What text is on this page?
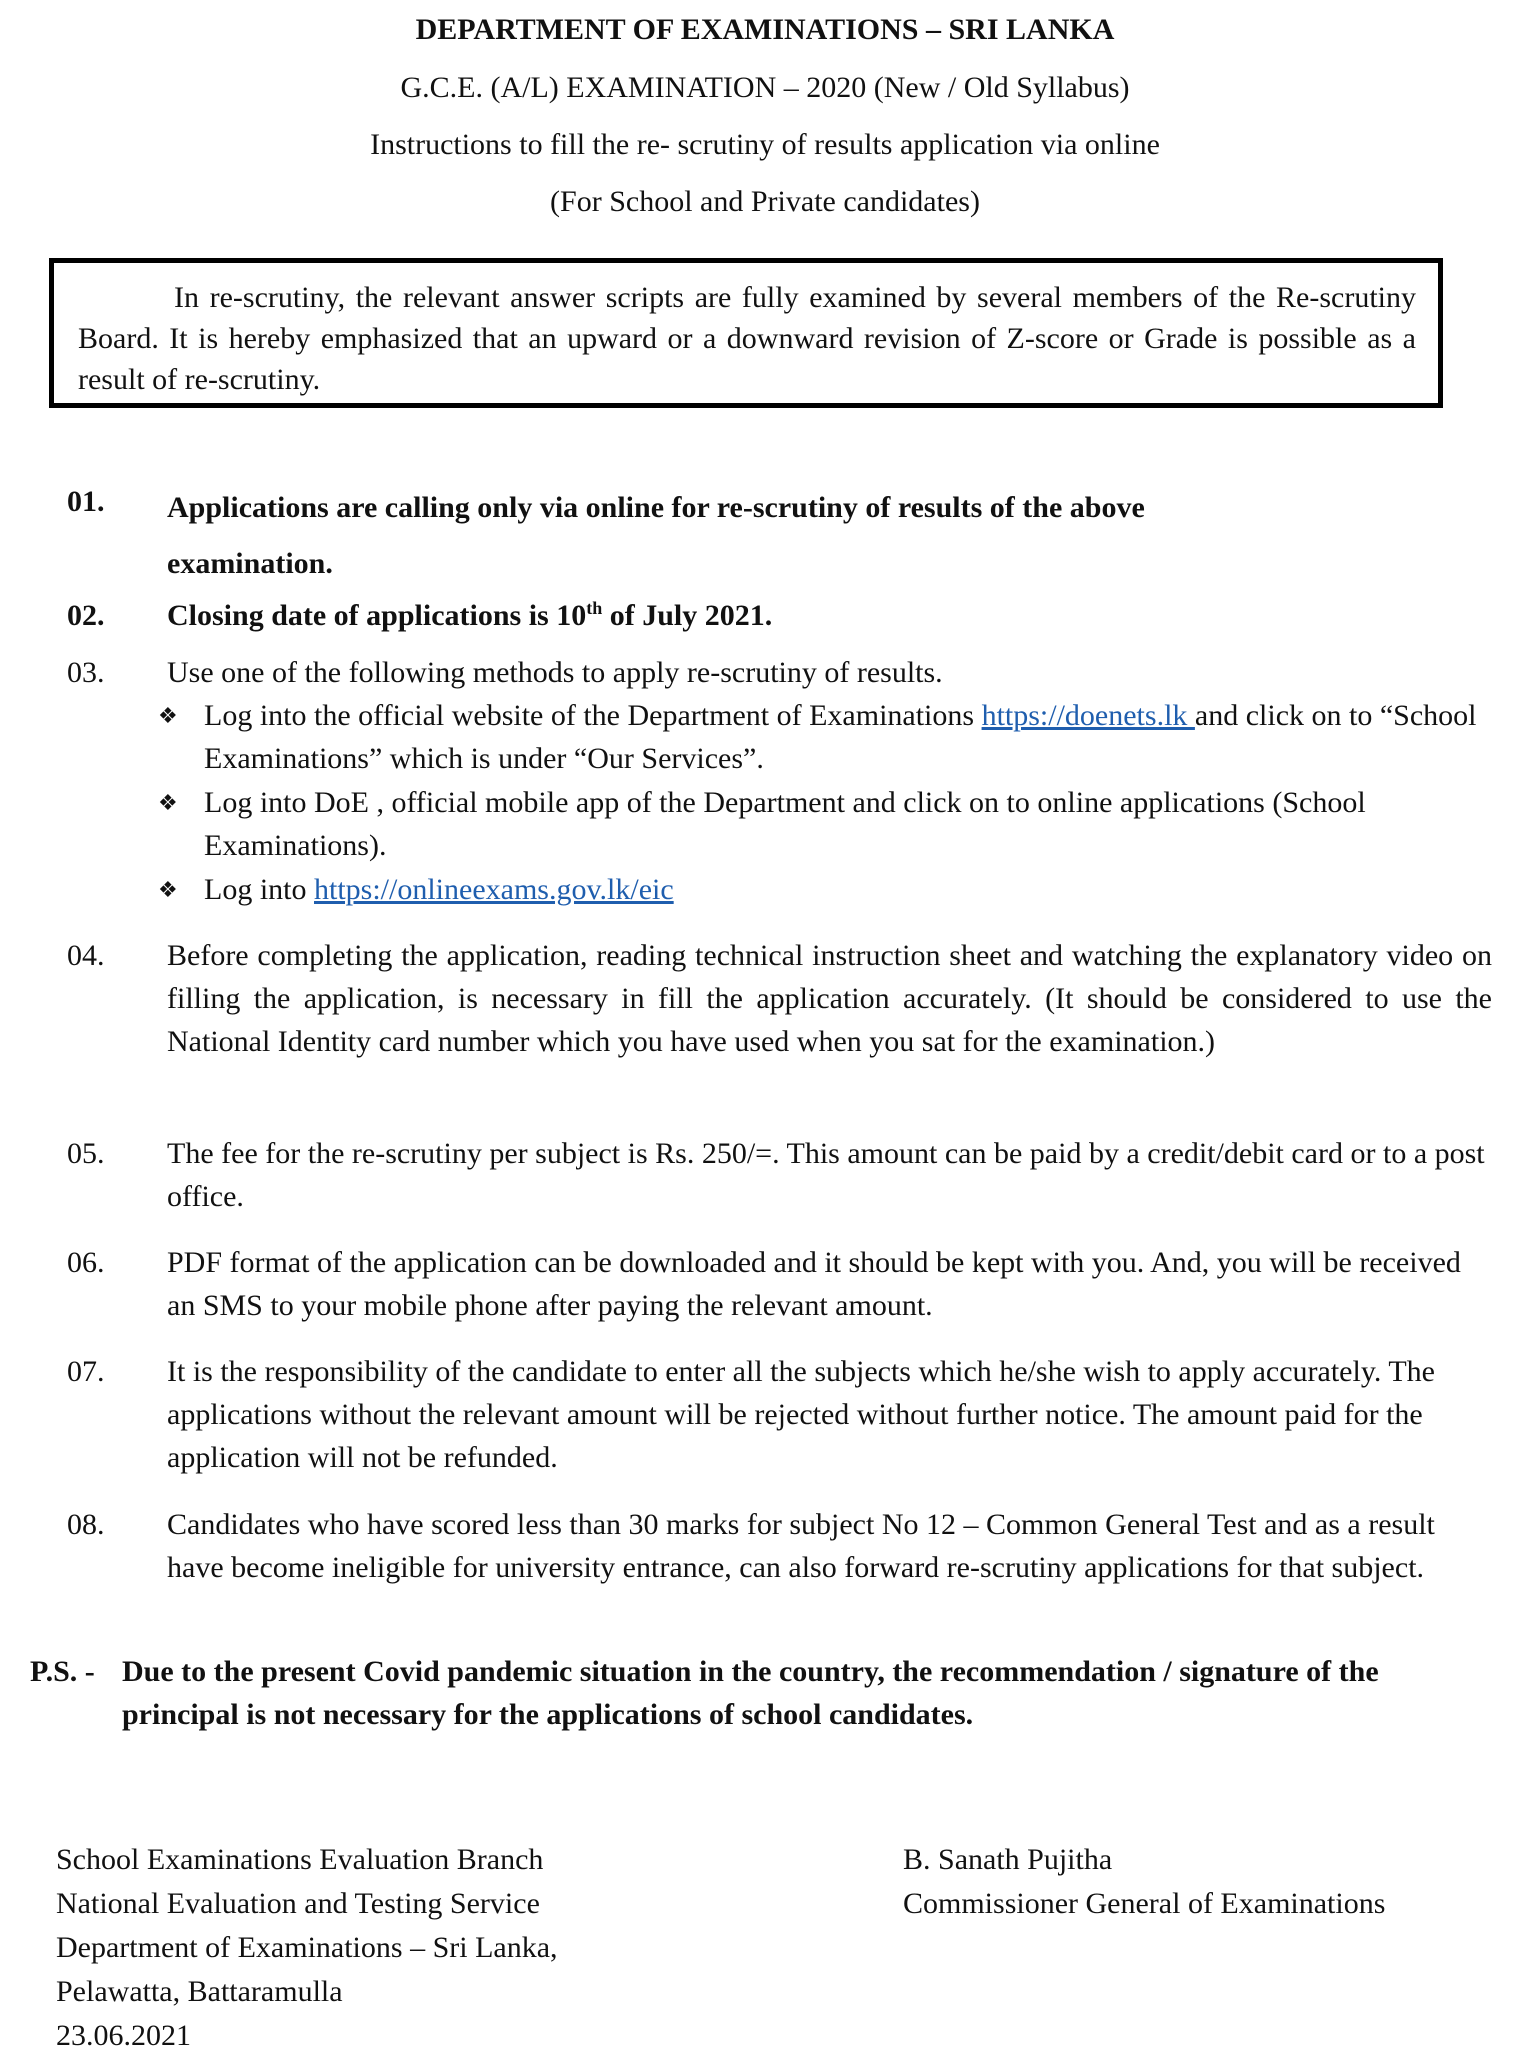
DEPARTMENT OF EXAMINATIONS – SRI LANKA
G.C.E. (A/L) EXAMINATION – 2020 (New / Old Syllabus)
Instructions to fill the re- scrutiny of results application via online
(For School and Private candidates)
In re-scrutiny, the relevant answer scripts are fully examined by several members of the Re-scrutiny Board. It is hereby emphasized that an upward or a downward revision of Z-score or Grade is possible as a result of re-scrutiny.
01. Applications are calling only via online for re-scrutiny of results of the above examination.
02. Closing date of applications is 10th of July 2021.
03. Use one of the following methods to apply re-scrutiny of results.
❖ Log into the official website of the Department of Examinations https://doenets.lk and click on to “School Examinations” which is under “Our Services”.
❖ Log into DoE , official mobile app of the Department and click on to online applications (School Examinations).
❖ Log into https://onlineexams.gov.lk/eic
04. Before completing the application, reading technical instruction sheet and watching the explanatory video on filling the application, is necessary in fill the application accurately. (It should be considered to use the National Identity card number which you have used when you sat for the examination.)
05. The fee for the re-scrutiny per subject is Rs. 250/=. This amount can be paid by a credit/debit card or to a post office.
06. PDF format of the application can be downloaded and it should be kept with you. And, you will be received an SMS to your mobile phone after paying the relevant amount.
07. It is the responsibility of the candidate to enter all the subjects which he/she wish to apply accurately. The applications without the relevant amount will be rejected without further notice. The amount paid for the application will not be refunded.
08. Candidates who have scored less than 30 marks for subject No 12 – Common General Test and as a result have become ineligible for university entrance, can also forward re-scrutiny applications for that subject.
P.S. - Due to the present Covid pandemic situation in the country, the recommendation / signature of the principal is not necessary for the applications of school candidates.
School Examinations Evaluation Branch
National Evaluation and Testing Service
Department of Examinations – Sri Lanka,
Pelawatta, Battaramulla
23.06.2021
B. Sanath Pujitha
Commissioner General of Examinations
